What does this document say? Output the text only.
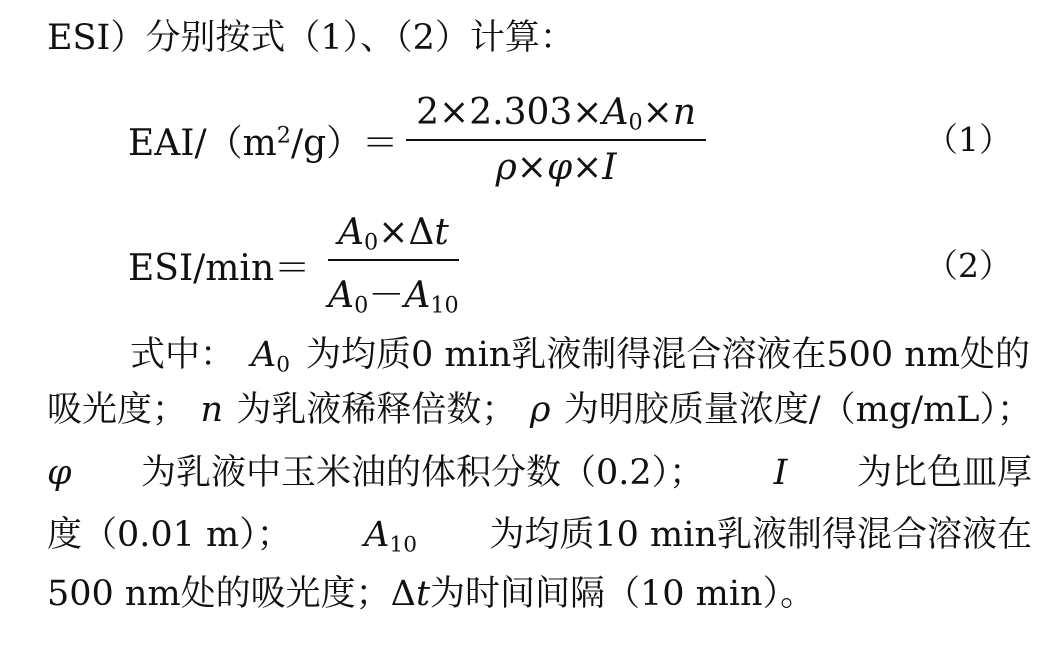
ESI）分别按式（1）、（2）计算：
EAI/$(m^2/g)= \frac{2\times 2.303\times A_0\times n}{\rho\times\varphi\times I}$	（1）
$ESI/\min= \frac{A_0\times\Delta t}{A_0-A_{10}}$	（2）
式中： $A_0$ 为均质0 min乳液制得混合溶液在500 nm处的
吸光度； n 为乳液稀释倍数； ρ 为明胶质量浓度/（mg/mL）；
φ 为乳液中玉米油的体积分数（0.2）； I 为比色皿厚
度（0.01 m）； $A_{10}$ 为均质10 min乳液制得混合溶液在
500 nm处的吸光度；Δt为时间间隔（10 min）。
